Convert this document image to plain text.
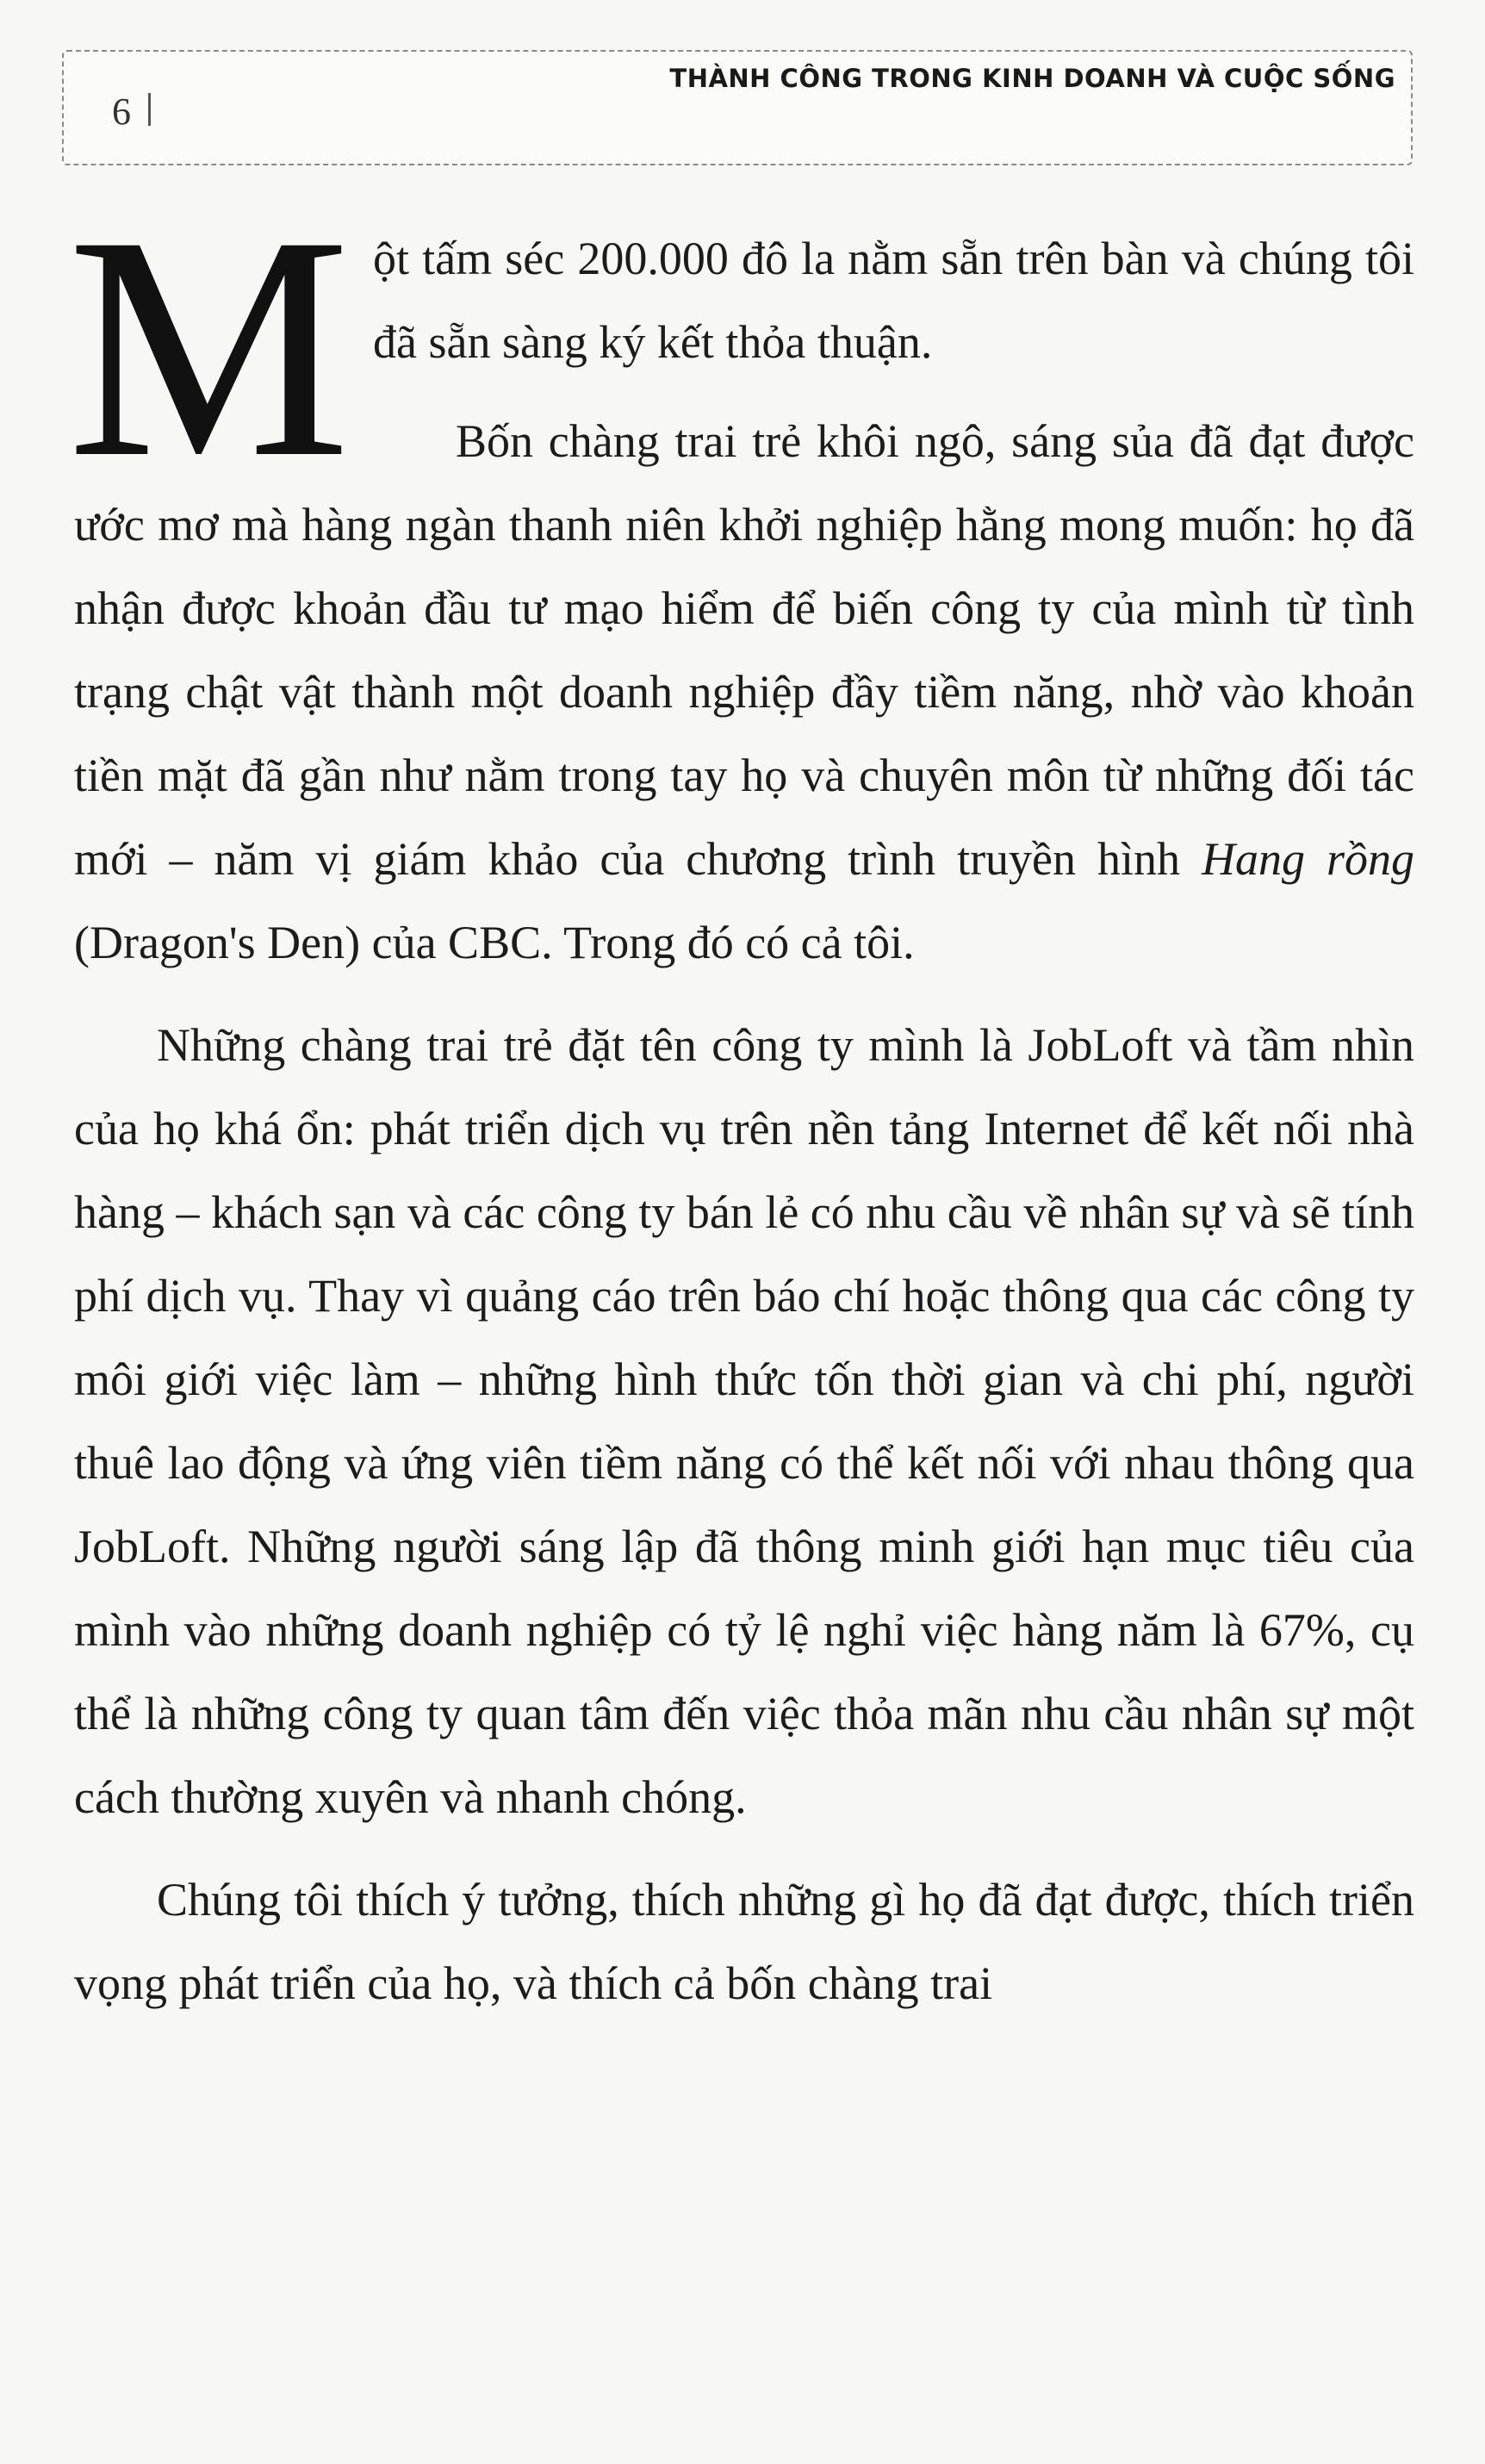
6
THÀNH CÔNG TRONG KINH DOANH VÀ CUỘC SỐNG
M ột tấm séc 200.000 đô la nằm sẵn trên bàn và chúng tôi đã sẵn sàng ký kết thỏa thuận.

Bốn chàng trai trẻ khôi ngô, sáng sủa đã đạt được ước mơ mà hàng ngàn thanh niên khởi nghiệp hằng mong muốn: họ đã nhận được khoản đầu tư mạo hiểm để biến công ty của mình từ tình trạng chật vật thành một doanh nghiệp đầy tiềm năng, nhờ vào khoản tiền mặt đã gần như nằm trong tay họ và chuyên môn từ những đối tác mới – năm vị giám khảo của chương trình truyền hình Hang rồng (Dragon's Den) của CBC. Trong đó có cả tôi.

Những chàng trai trẻ đặt tên công ty mình là JobLoft và tầm nhìn của họ khá ổn: phát triển dịch vụ trên nền tảng Internet để kết nối nhà hàng – khách sạn và các công ty bán lẻ có nhu cầu về nhân sự và sẽ tính phí dịch vụ. Thay vì quảng cáo trên báo chí hoặc thông qua các công ty môi giới việc làm – những hình thức tốn thời gian và chi phí, người thuê lao động và ứng viên tiềm năng có thể kết nối với nhau thông qua JobLoft. Những người sáng lập đã thông minh giới hạn mục tiêu của mình vào những doanh nghiệp có tỷ lệ nghỉ việc hàng năm là 67%, cụ thể là những công ty quan tâm đến việc thỏa mãn nhu cầu nhân sự một cách thường xuyên và nhanh chóng.

Chúng tôi thích ý tưởng, thích những gì họ đã đạt được, thích triển vọng phát triển của họ, và thích cả bốn chàng trai
